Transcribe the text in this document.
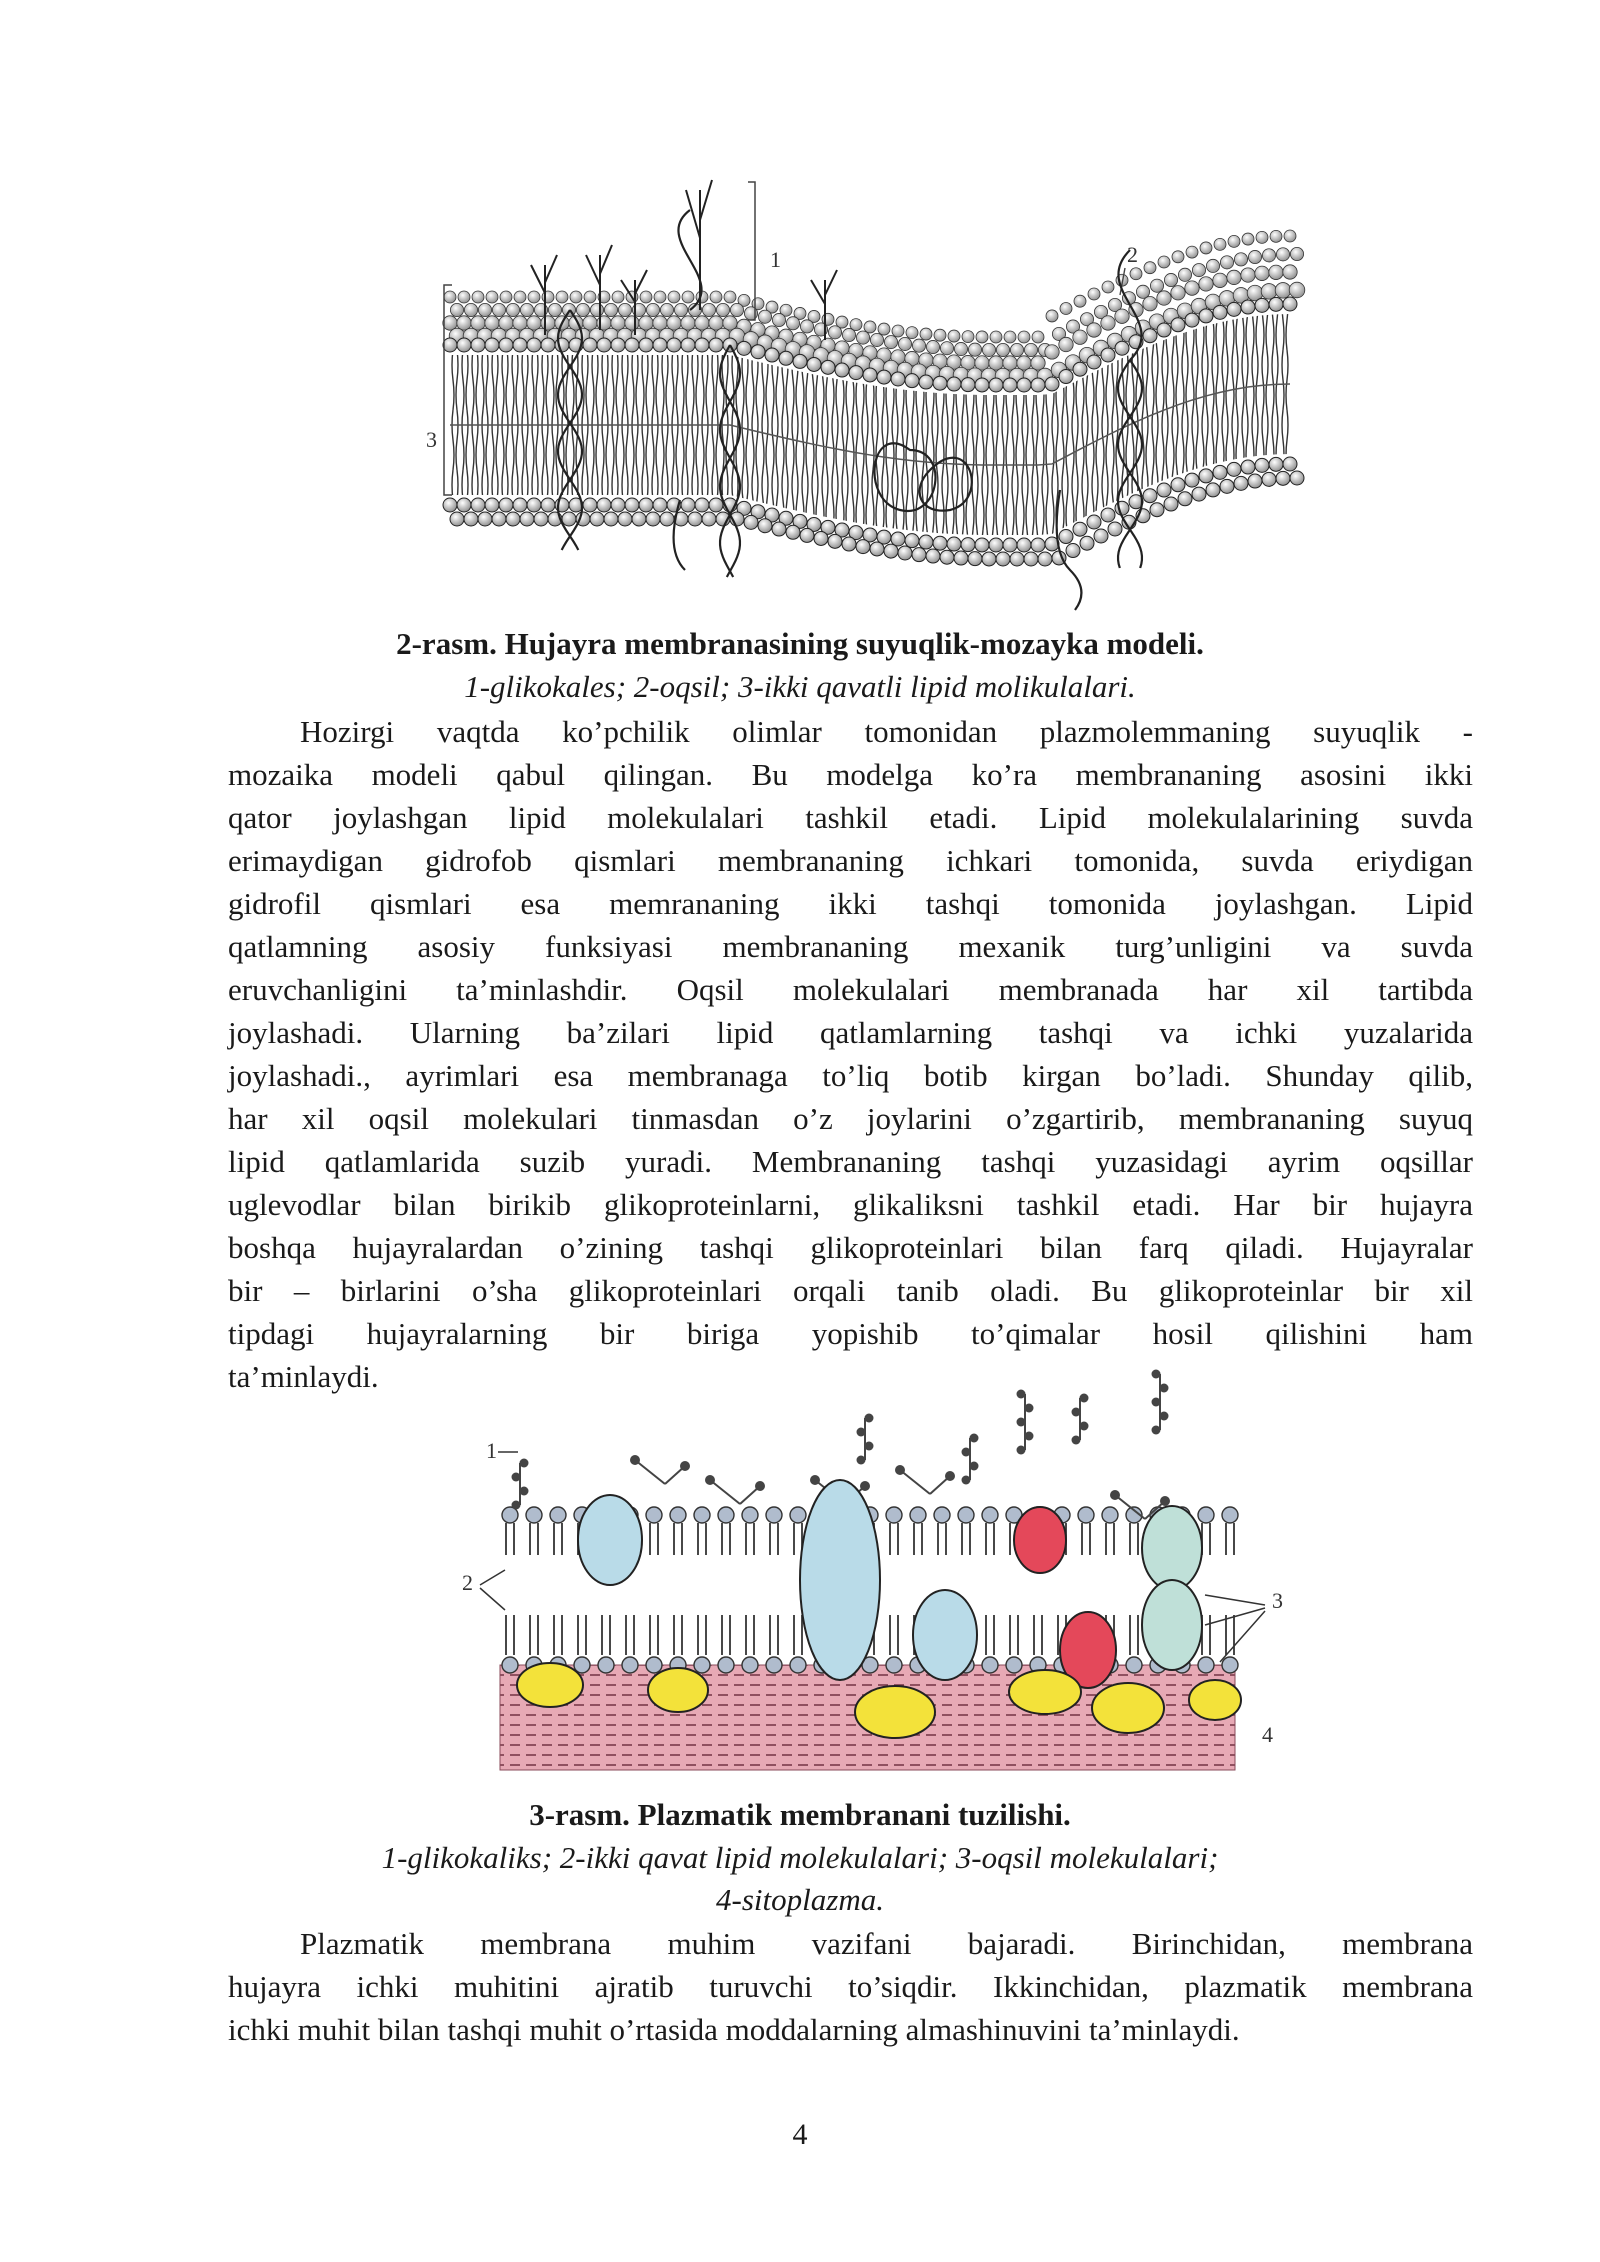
1	2
3
2-rasm. Hujayra membranasining suyuqlik-mozayka modeli.
1-glikokales; 2-oqsil; 3-ikki qavatli lipid molikulalari.
Hozirgi vaqtda ko’pchilik olimlar tomonidan plazmolemmaning suyuqlik -
mozaika modeli qabul qilingan. Bu modelga ko’ra membrananing asosini ikki
qator joylashgan lipid molekulalari tashkil etadi. Lipid molekulalarining suvda
erimaydigan gidrofob qismlari membrananing ichkari tomonida, suvda eriydigan
gidrofil qismlari esa memrananing ikki tashqi tomonida joylashgan. Lipid
qatlamning asosiy funksiyasi membrananing mexanik turg’unligini va suvda
eruvchanligini ta’minlashdir. Oqsil molekulalari membranada har xil tartibda
joylashadi. Ularning ba’zilari lipid qatlamlarning tashqi va ichki yuzalarida
joylashadi., ayrimlari esa membranaga to’liq botib kirgan bo’ladi. Shunday qilib,
har xil oqsil molekulari tinmasdan o’z joylarini o’zgartirib, membrananing suyuq
lipid qatlamlarida suzib yuradi. Membrananing tashqi yuzasidagi ayrim oqsillar
uglevodlar bilan birikib glikoproteinlarni, glikaliksni tashkil etadi. Har bir hujayra
boshqa hujayralardan o’zining tashqi glikoproteinlari bilan farq qiladi. Hujayralar
bir – birlarini o’sha glikoproteinlari orqali tanib oladi. Bu glikoproteinlar bir xil
tipdagi hujayralarning bir biriga yopishib to’qimalar hosil qilishini ham
ta’minlaydi.
1
2
3
4
3-rasm. Plazmatik membranani tuzilishi.
1-glikokaliks; 2-ikki qavat lipid molekulalari; 3-oqsil molekulalari;
4-sitoplazma.
Plazmatik membrana muhim vazifani bajaradi. Birinchidan, membrana
hujayra ichki muhitini ajratib turuvchi to’siqdir. Ikkinchidan, plazmatik membrana
ichki muhit bilan tashqi muhit o’rtasida moddalarning almashinuvini ta’minlaydi.
4
